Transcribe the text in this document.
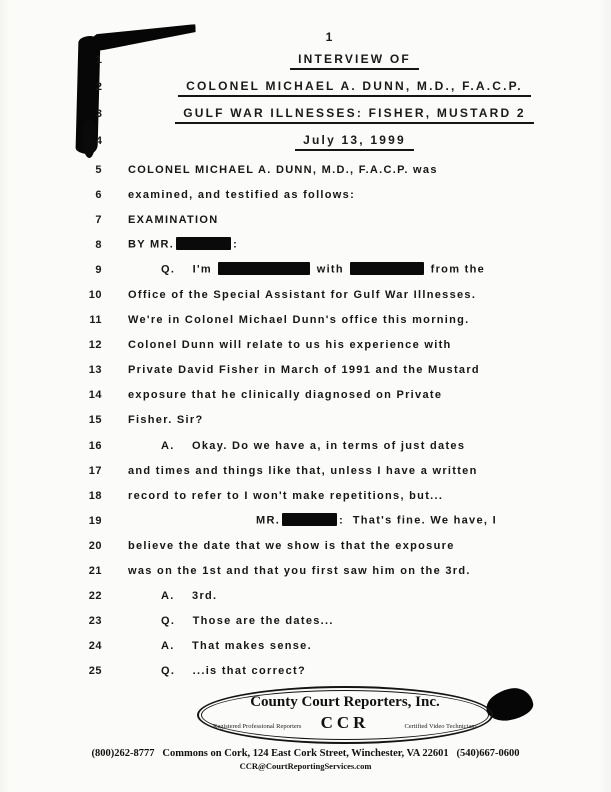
1
1	INTERVIEW OF
2	COLONEL MICHAEL A. DUNN, M.D., F.A.C.P.
3	GULF WAR ILLNESSES: FISHER, MUSTARD 2
4	July 13, 1999
5 COLONEL MICHAEL A. DUNN, M.D., F.A.C.P. was
6 examined, and testified as follows:
7 EXAMINATION
8 BY MR.	:
9	Q.    I'm	with	from the
10 Office of the Special Assistant for Gulf War Illnesses.
11 We're in Colonel Michael Dunn's office this morning.
12 Colonel Dunn will relate to us his experience with
13 Private David Fisher in March of 1991 and the Mustard
14 exposure that he clinically diagnosed on Private
15 Fisher. Sir?
16	A.    Okay. Do we have a, in terms of just dates
17 and times and things like that, unless I have a written
18 record to refer to I won't make repetitions, but...
19	MR.	:  That's fine. We have, I
20 believe the date that we show is that the exposure
21 was on the 1st and that you first saw him on the 3rd.
22	A.    3rd.
23	Q.    Those are the dates...
24	A.    That makes sense.
25	Q.    ...is that correct?
County Court Reporters, Inc.
CCR
Registered Professional Reporters	Certified Video Technicians
(800)262-8777   Commons on Cork, 124 East Cork Street, Winchester, VA 22601   (540)667-0600
CCR@CourtReportingServices.com
